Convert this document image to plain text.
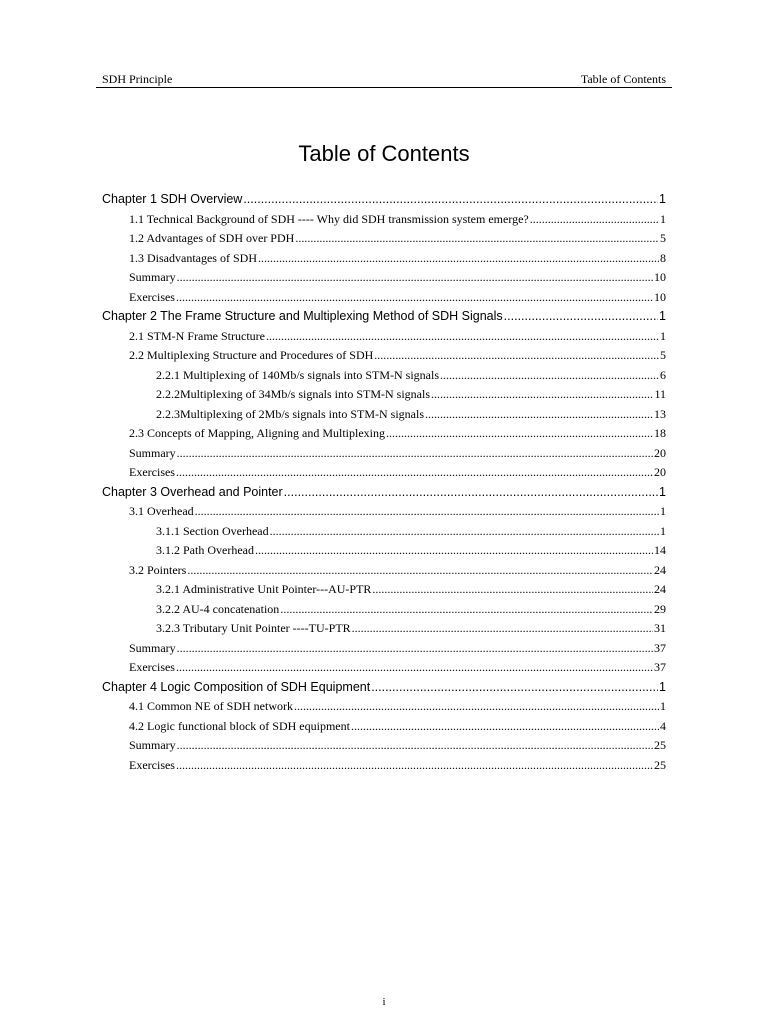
SDH Principle	Table of Contents
Table of Contents
Chapter 1 SDH Overview .....	1
1.1 Technical Background of SDH ---- Why did SDH transmission system emerge? .....	1
1.2 Advantages of SDH over PDH .....	5
1.3 Disadvantages of SDH .....	8
Summary .....	10
Exercises .....	10
Chapter 2 The Frame Structure and Multiplexing Method of SDH Signals .....	1
2.1 STM-N Frame Structure .....	1
2.2 Multiplexing Structure and Procedures of SDH .....	5
2.2.1 Multiplexing of 140Mb/s signals into STM-N signals .....	6
2.2.2Multiplexing of 34Mb/s signals into STM-N signals .....	11
2.2.3Multiplexing of 2Mb/s signals into STM-N signals .....	13
2.3 Concepts of Mapping, Aligning and Multiplexing .....	18
Summary .....	20
Exercises .....	20
Chapter 3 Overhead and Pointer .....	1
3.1 Overhead .....	1
3.1.1 Section Overhead .....	1
3.1.2 Path Overhead .....	14
3.2 Pointers .....	24
3.2.1 Administrative Unit Pointer---AU-PTR .....	24
3.2.2 AU-4 concatenation .....	29
3.2.3 Tributary Unit Pointer ----TU-PTR .....	31
Summary .....	37
Exercises .....	37
Chapter 4 Logic Composition of SDH Equipment .....	1
4.1 Common NE of SDH network .....	1
4.2 Logic functional block of SDH equipment .....	4
Summary .....	25
Exercises .....	25
i
